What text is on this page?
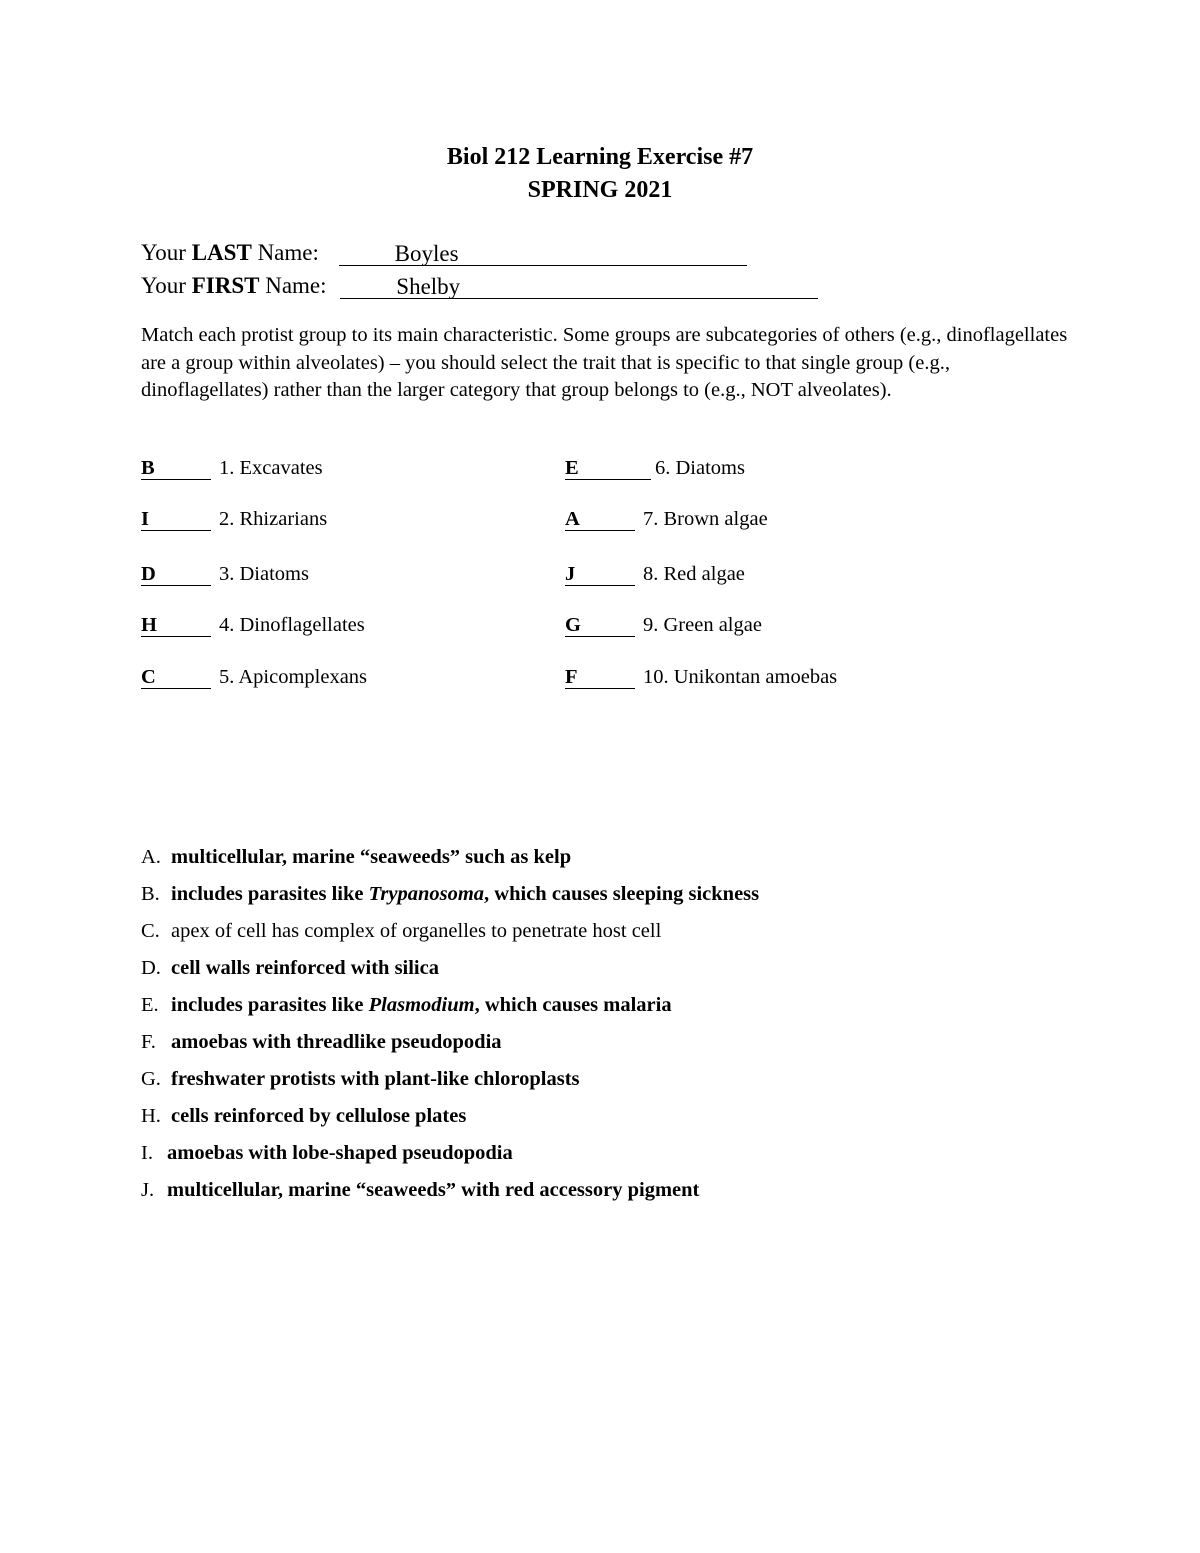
Biol 212 Learning Exercise #7
SPRING 2021
Your LAST Name:	Boyles
Your FIRST Name:	Shelby
Match each protist group to its main characteristic. Some groups are subcategories of others (e.g., dinoflagellates are a group within alveolates) – you should select the trait that is specific to that single group (e.g., dinoflagellates) rather than the larger category that group belongs to (e.g., NOT alveolates).
B	1. Excavates
I	2. Rhizarians
D	3. Diatoms
H	4. Dinoflagellates
C	5. Apicomplexans
E	6. Diatoms
A	7. Brown algae
J	8. Red algae
G	9. Green algae
F	10. Unikontan amoebas
A. multicellular, marine “seaweeds” such as kelp
B. includes parasites like Trypanosoma, which causes sleeping sickness
C. apex of cell has complex of organelles to penetrate host cell
D. cell walls reinforced with silica
E. includes parasites like Plasmodium, which causes malaria
F. amoebas with threadlike pseudopodia
G. freshwater protists with plant-like chloroplasts
H. cells reinforced by cellulose plates
I. amoebas with lobe-shaped pseudopodia
J. multicellular, marine “seaweeds” with red accessory pigment
